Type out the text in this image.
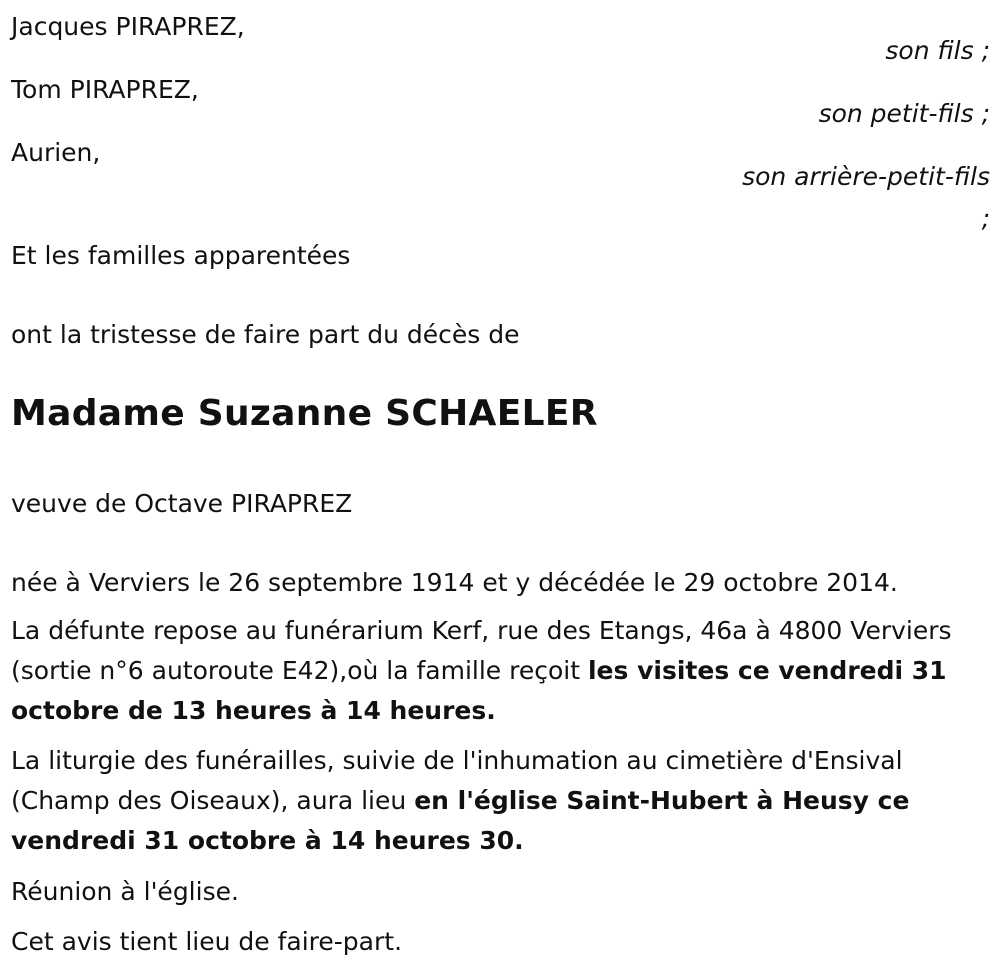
Jacques PIRAPREZ,
son fils ;
Tom PIRAPREZ,
son petit-fils ;
Aurien,
son arrière-petit-fils
;
Et les familles apparentées
ont la tristesse de faire part du décès de
Madame Suzanne SCHAELER
veuve de Octave PIRAPREZ
née à Verviers le 26 septembre 1914 et y décédée le 29 octobre 2014.
La défunte repose au funérarium Kerf, rue des Etangs, 46a à 4800 Verviers (sortie n°6 autoroute E42),où la famille reçoit les visites ce vendredi 31 octobre de 13 heures à 14 heures.
La liturgie des funérailles, suivie de l'inhumation au cimetière d'Ensival (Champ des Oiseaux), aura lieu en l'église Saint-Hubert à Heusy ce vendredi 31 octobre à 14 heures 30.
Réunion à l'église.
Cet avis tient lieu de faire-part.
